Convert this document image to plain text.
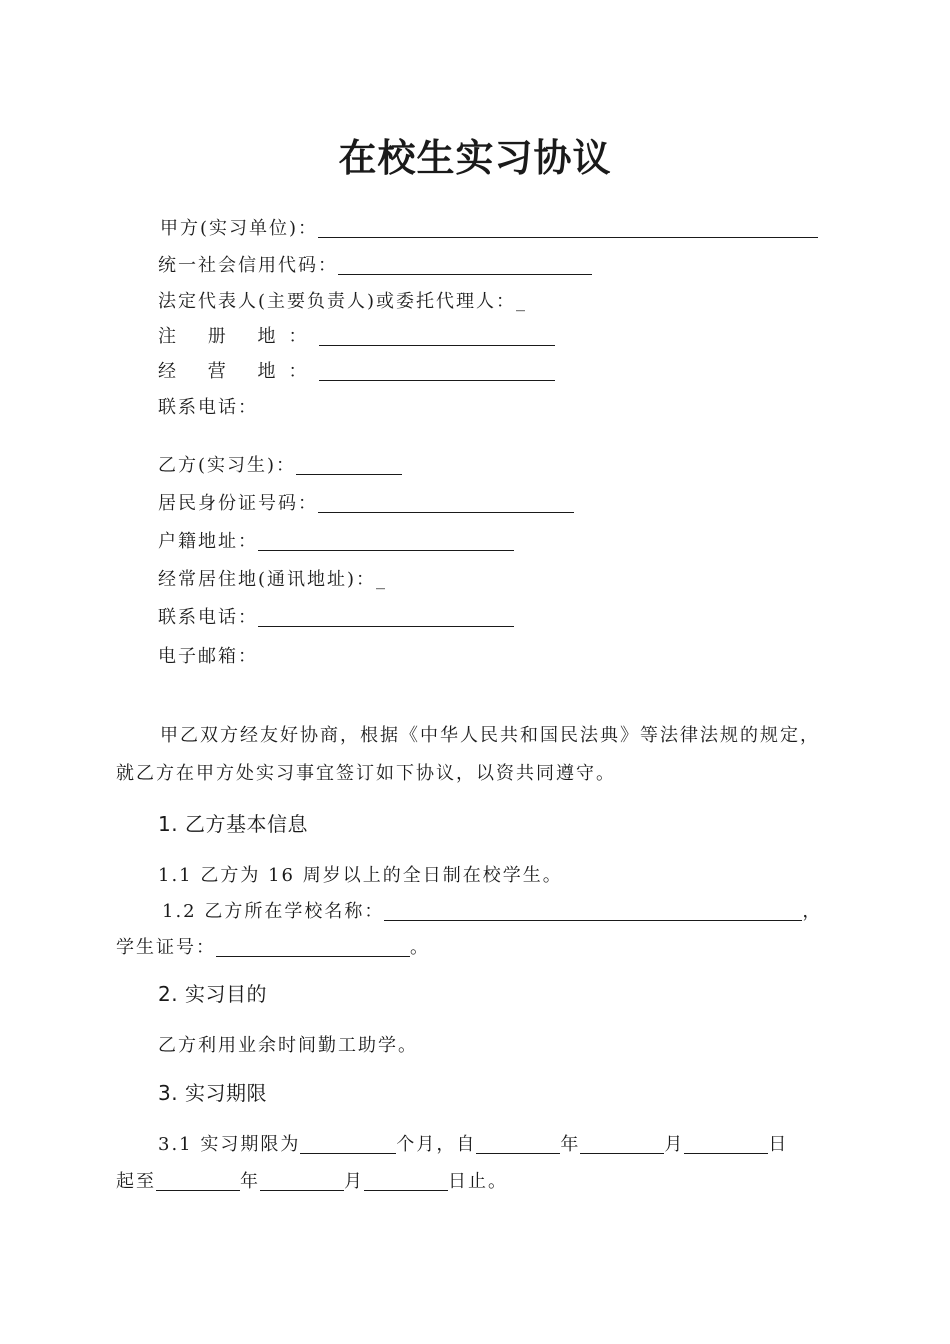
在校生实习协议
甲方(实习单位)：
统一社会信用代码：
法定代表人(主要负责人)或委托代理人：_
注 册 地：
经 营 地：
联系电话：
乙方(实习生)：
居民身份证号码：
户籍地址：
经常居住地(通讯地址)：_
联系电话：
电子邮箱：
甲乙双方经友好协商，根据《中华人民共和国民法典》等法律法规的规定，
就乙方在甲方处实习事宜签订如下协议，以资共同遵守。
1. 乙方基本信息
1.1 乙方为 16 周岁以上的全日制在校学生。
1.2 乙方所在学校名称：	，
学生证号：	。
2. 实习目的
乙方利用业余时间勤工助学。
3. 实习期限
3.1 实习期限为	个月，自	年	月	日
起至	年	月	日止。
